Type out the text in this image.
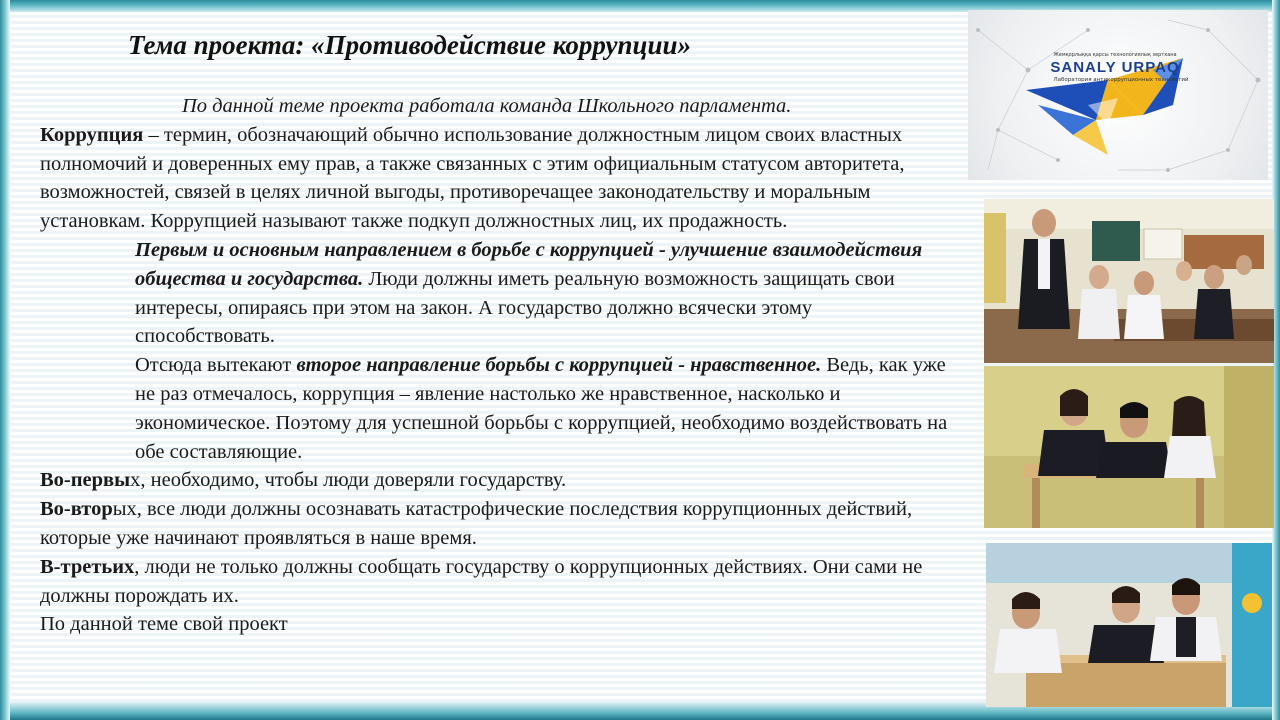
Тема проекта: «Противодействие коррупции»

По данной теме проекта работала команда Школьного парламента.

Коррупция – термин, обозначающий обычно использование должностным лицом своих властных полномочий и доверенных ему прав, а также связанных с этим официальным статусом авторитета, возможностей, связей в целях личной выгоды, противоречащее законодательству и моральным установкам. Коррупцией называют также подкуп должностных лиц, их продажность.

Первым и основным направлением в борьбе с коррупцией - улучшение взаимодействия общества и государства. Люди должны иметь реальную возможность защищать свои интересы, опираясь при этом на закон. А государство должно всячески этому способствовать.

Отсюда вытекают второе направление борьбы с коррупцией - нравственное. Ведь, как уже не раз отмечалось, коррупция – явление настолько же нравственное, насколько и экономическое. Поэтому для успешной борьбы с коррупцией, необходимо воздействовать на обе составляющие.

Во-первых, необходимо, чтобы люди доверяли государству.

Во-вторых, все люди должны осознавать катастрофические последствия коррупционных действий, которые уже начинают проявляться в наше время.

В-третьих, люди не только должны сообщать государству о коррупционных действиях. Они сами не должны порождать их.

По данной теме свой проект

Жемқорлыққа қарсы технологиялық зертхана
SANALY URPAQ
Лаборатория антикоррупционных технологий
